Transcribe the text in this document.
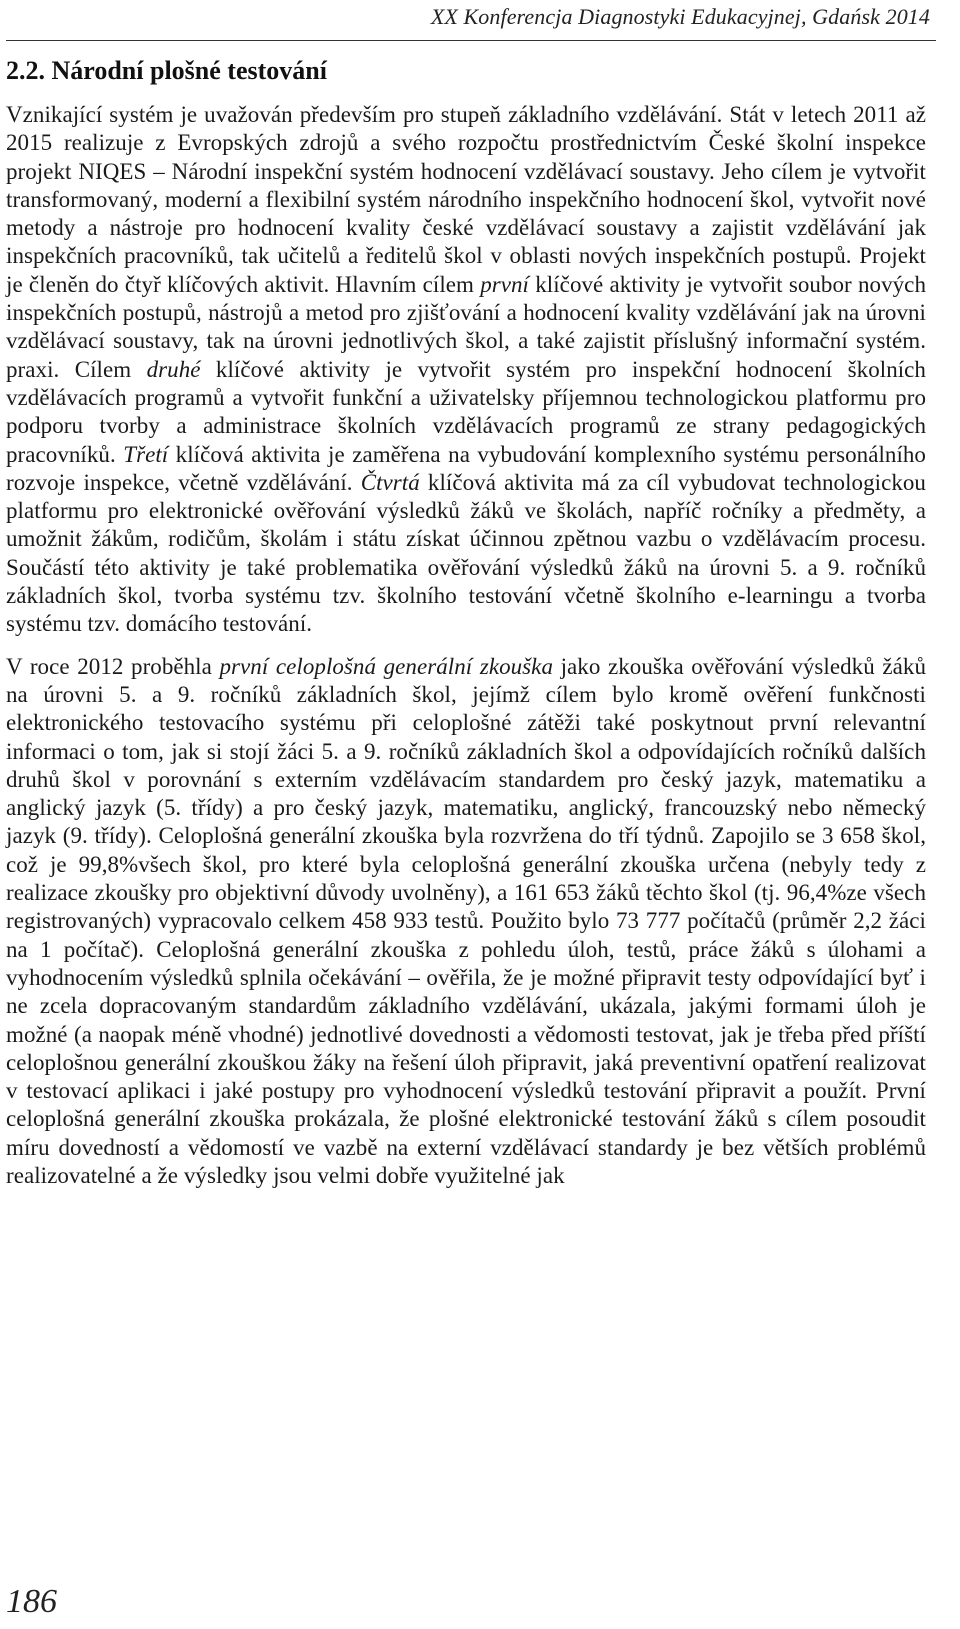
XX Konferencja Diagnostyki Edukacyjnej, Gdańsk 2014
2.2. Národní plošné testování

Vznikající systém je uvažován především pro stupeň základního vzdělávání. Stát v letech 2011 až 2015 realizuje z Evropských zdrojů a svého rozpočtu prostřednictvím České školní inspekce projekt NIQES – Národní inspekční systém hodnocení vzdělávací soustavy. Jeho cílem je vytvořit transformovaný, moderní a flexibilní systém národního inspekčního hodnocení škol, vytvořit nové metody a nástroje pro hodnocení kvality české vzdělávací soustavy a zajistit vzdělávání jak inspekčních pracovníků, tak učitelů a ředitelů škol v oblasti nových inspekčních postupů. Projekt je členěn do čtyř klíčových aktivit. Hlavním cílem první klíčové aktivity je vytvořit soubor nových inspekčních postupů, nástrojů a metod pro zjišťování a hodnocení kvality vzdělávání jak na úrovni vzdělávací soustavy, tak na úrovni jednotlivých škol, a také zajistit příslušný informační systém. praxi. Cílem druhé klíčové aktivity je vytvořit systém pro inspekční hodnocení školních vzdělávacích programů a vytvořit funkční a uživatelsky příjemnou technologickou platformu pro podporu tvorby a administrace školních vzdělávacích programů ze strany pedagogických pracovníků. Třetí klíčová aktivita je zaměřena na vybudování komplexního systému personálního rozvoje inspekce, včetně vzdělávání. Čtvrtá klíčová aktivita má za cíl vybudovat technologickou platformu pro elektronické ověřování výsledků žáků ve školách, napříč ročníky a předměty, a umožnit žákům, rodičům, školám i státu získat účinnou zpětnou vazbu o vzdělávacím procesu. Součástí této aktivity je také problematika ověřování výsledků žáků na úrovni 5. a 9. ročníků základních škol, tvorba systému tzv. školního testování včetně školního e-learningu a tvorba systému tzv. domácího testování.

V roce 2012 proběhla první celoplošná generální zkouška jako zkouška ověřování výsledků žáků na úrovni 5. a 9. ročníků základních škol, jejímž cílem bylo kromě ověření funkčnosti elektronického testovacího systému při celoplošné zátěži také poskytnout první relevantní informaci o tom, jak si stojí žáci 5. a 9. ročníků základních škol a odpovídajících ročníků dalších druhů škol v porovnání s externím vzdělávacím standardem pro český jazyk, matematiku a anglický jazyk (5. třídy) a pro český jazyk, matematiku, anglický, francouzský nebo německý jazyk (9. třídy). Celoplošná generální zkouška byla rozvržena do tří týdnů. Zapojilo se 3 658 škol, což je 99,8%všech škol, pro které byla celoplošná generální zkouška určena (nebyly tedy z realizace zkoušky pro objektivní důvody uvolněny), a 161 653 žáků těchto škol (tj. 96,4%ze všech registrovaných) vypracovalo celkem 458 933 testů. Použito bylo 73 777 počítačů (průměr 2,2 žáci na 1 počítač). Celoplošná generální zkouška z pohledu úloh, testů, práce žáků s úlohami a vyhodnocením výsledků splnila očekávání – ověřila, že je možné připravit testy odpovídající byť i ne zcela dopracovaným standardům základního vzdělávání, ukázala, jakými formami úloh je možné (a naopak méně vhodné) jednotlivé dovednosti a vědomosti testovat, jak je třeba před příští celoplošnou generální zkouškou žáky na řešení úloh připravit, jaká preventivní opatření realizovat v testovací aplikaci i jaké postupy pro vyhodnocení výsledků testování připravit a použít. První celoplošná generální zkouška prokázala, že plošné elektronické testování žáků s cílem posoudit míru dovedností a vědomostí ve vazbě na externí vzdělávací standardy je bez větších problémů realizovatelné a že výsledky jsou velmi dobře využitelné jak

186
